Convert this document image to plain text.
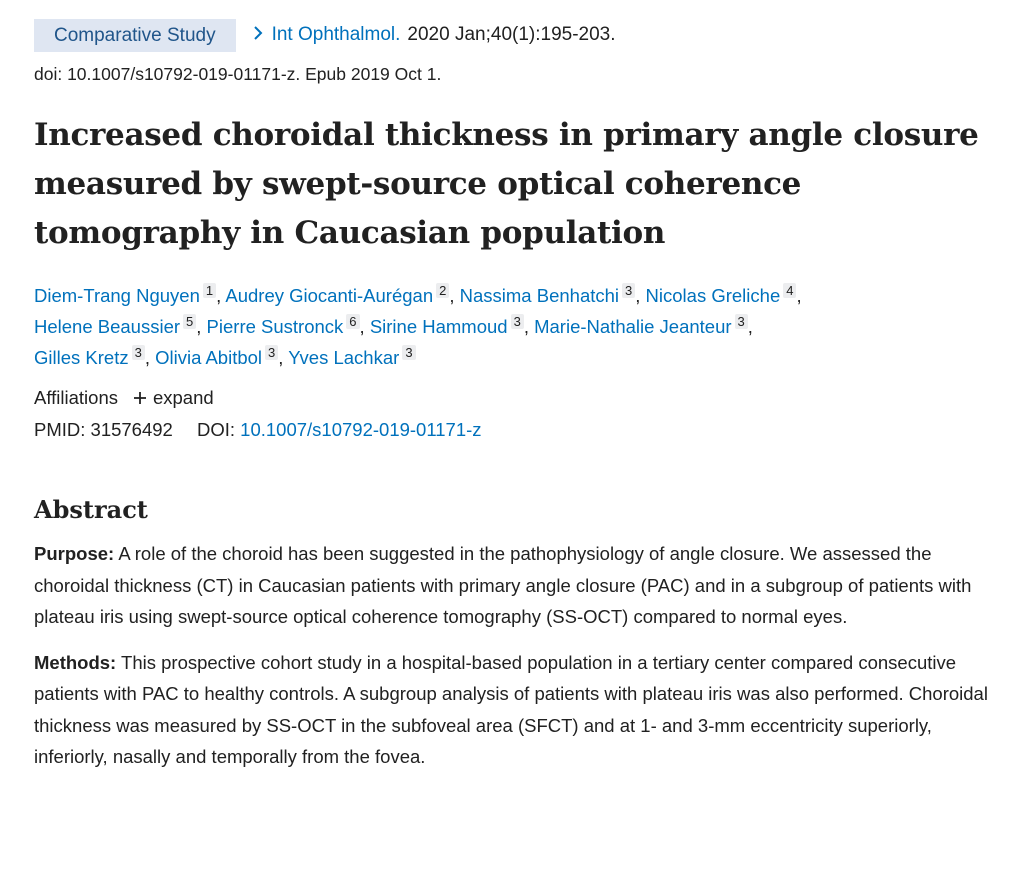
Comparative Study	Int Ophthalmol. 2020 Jan;40(1):195-203.
doi: 10.1007/s10792-019-01171-z. Epub 2019 Oct 1.
Increased choroidal thickness in primary angle closure measured by swept-source optical coherence tomography in Caucasian population
Diem-Trang Nguyen 1 , Audrey Giocanti-Aurégan 2 , Nassima Benhatchi 3 , Nicolas Greliche 4 ,
Helene Beaussier 5 , Pierre Sustronck 6 , Sirine Hammoud 3 , Marie-Nathalie Jeanteur 3 ,
Gilles Kretz 3 , Olivia Abitbol 3 , Yves Lachkar 3
Affiliations expand
PMID: 31576492 DOI: 10.1007/s10792-019-01171-z
Abstract

Purpose: A role of the choroid has been suggested in the pathophysiology of angle closure. We assessed the choroidal thickness (CT) in Caucasian patients with primary angle closure (PAC) and in a subgroup of patients with plateau iris using swept-source optical coherence tomography (SS-OCT) compared to normal eyes.

Methods: This prospective cohort study in a hospital-based population in a tertiary center compared consecutive patients with PAC to healthy controls. A subgroup analysis of patients with plateau iris was also performed. Choroidal thickness was measured by SS-OCT in the subfoveal area (SFCT) and at 1- and 3-mm eccentricity superiorly, inferiorly, nasally and temporally from the fovea.
